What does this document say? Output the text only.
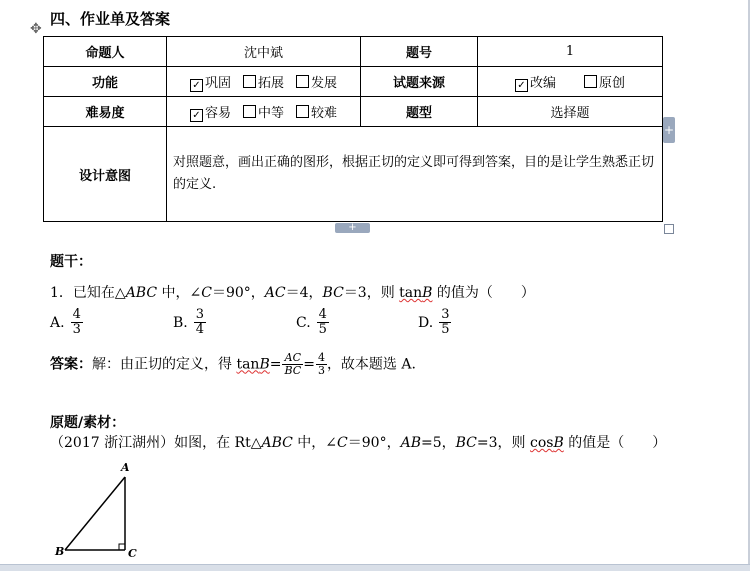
✥
四、作业单及答案
命题人	沈中斌	题号	1
功能	✓ 巩固 拓展 发展	试题来源	✓ 改编 原创
难易度	✓ 容易 中等 较难	题型	选择题
设计意图	对照题意，画出正确的图形，根据正切的定义即可得到答案，目的是让学生熟悉正切的定义.		
+
+
题干：
1．已知在△ABC 中，∠C＝90°，AC＝4，BC＝3，则 tanB 的值为（　　）
A. $\frac{4}{3}$	B. $\frac{3}{4}$	C. $\frac{4}{5}$	D. $\frac{3}{5}$
答案：解：由正切的定义，得 $\tan B= \frac{AC}{BC} = \frac{4}{3}$ ，故本题选 A.
原题/素材：
（2017 浙江湖州）如图，在 Rt△ABC 中，∠C＝90°，AB=5，BC=3，则 cosB 的值是（　　）
A
B	C
